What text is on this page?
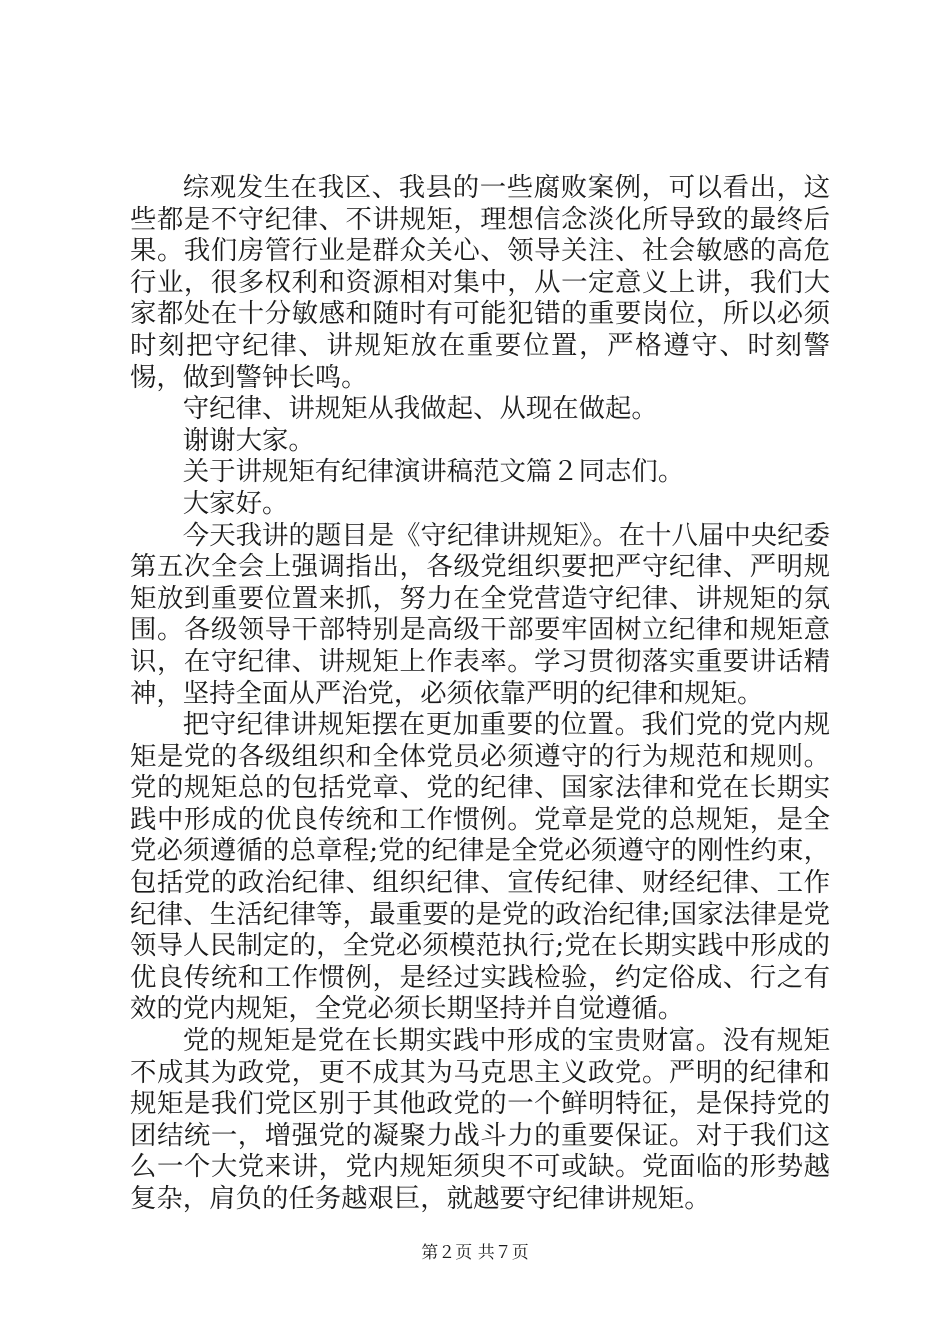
综观发生在我区、我县的一些腐败案例，可以看出，这些都是不守纪律、不讲规矩，理想信念淡化所导致的最终后果。我们房管行业是群众关心、领导关注、社会敏感的高危行业，很多权利和资源相对集中，从一定意义上讲，我们大家都处在十分敏感和随时有可能犯错的重要岗位，所以必须时刻把守纪律、讲规矩放在重要位置，严格遵守、时刻警惕，做到警钟长鸣。

守纪律、讲规矩从我做起、从现在做起。

谢谢大家。

关于讲规矩有纪律演讲稿范文篇２同志们。

大家好。

今天我讲的题目是《守纪律讲规矩》。在十八届中央纪委第五次全会上强调指出，各级党组织要把严守纪律、严明规矩放到重要位置来抓，努力在全党营造守纪律、讲规矩的氛围。各级领导干部特别是高级干部要牢固树立纪律和规矩意识，在守纪律、讲规矩上作表率。学习贯彻落实重要讲话精神，坚持全面从严治党，必须依靠严明的纪律和规矩。

把守纪律讲规矩摆在更加重要的位置。我们党的党内规矩是党的各级组织和全体党员必须遵守的行为规范和规则。党的规矩总的包括党章、党的纪律、国家法律和党在长期实践中形成的优良传统和工作惯例。党章是党的总规矩，是全党必须遵循的总章程;党的纪律是全党必须遵守的刚性约束，包括党的政治纪律、组织纪律、宣传纪律、财经纪律、工作纪律、生活纪律等，最重要的是党的政治纪律;国家法律是党领导人民制定的，全党必须模范执行;党在长期实践中形成的优良传统和工作惯例，是经过实践检验，约定俗成、行之有效的党内规矩，全党必须长期坚持并自觉遵循。

党的规矩是党在长期实践中形成的宝贵财富。没有规矩不成其为政党，更不成其为马克思主义政党。严明的纪律和规矩是我们党区别于其他政党的一个鲜明特征，是保持党的团结统一，增强党的凝聚力战斗力的重要保证。对于我们这么一个大党来讲，党内规矩须臾不可或缺。党面临的形势越复杂，肩负的任务越艰巨，就越要守纪律讲规矩。

第２页 共７页
